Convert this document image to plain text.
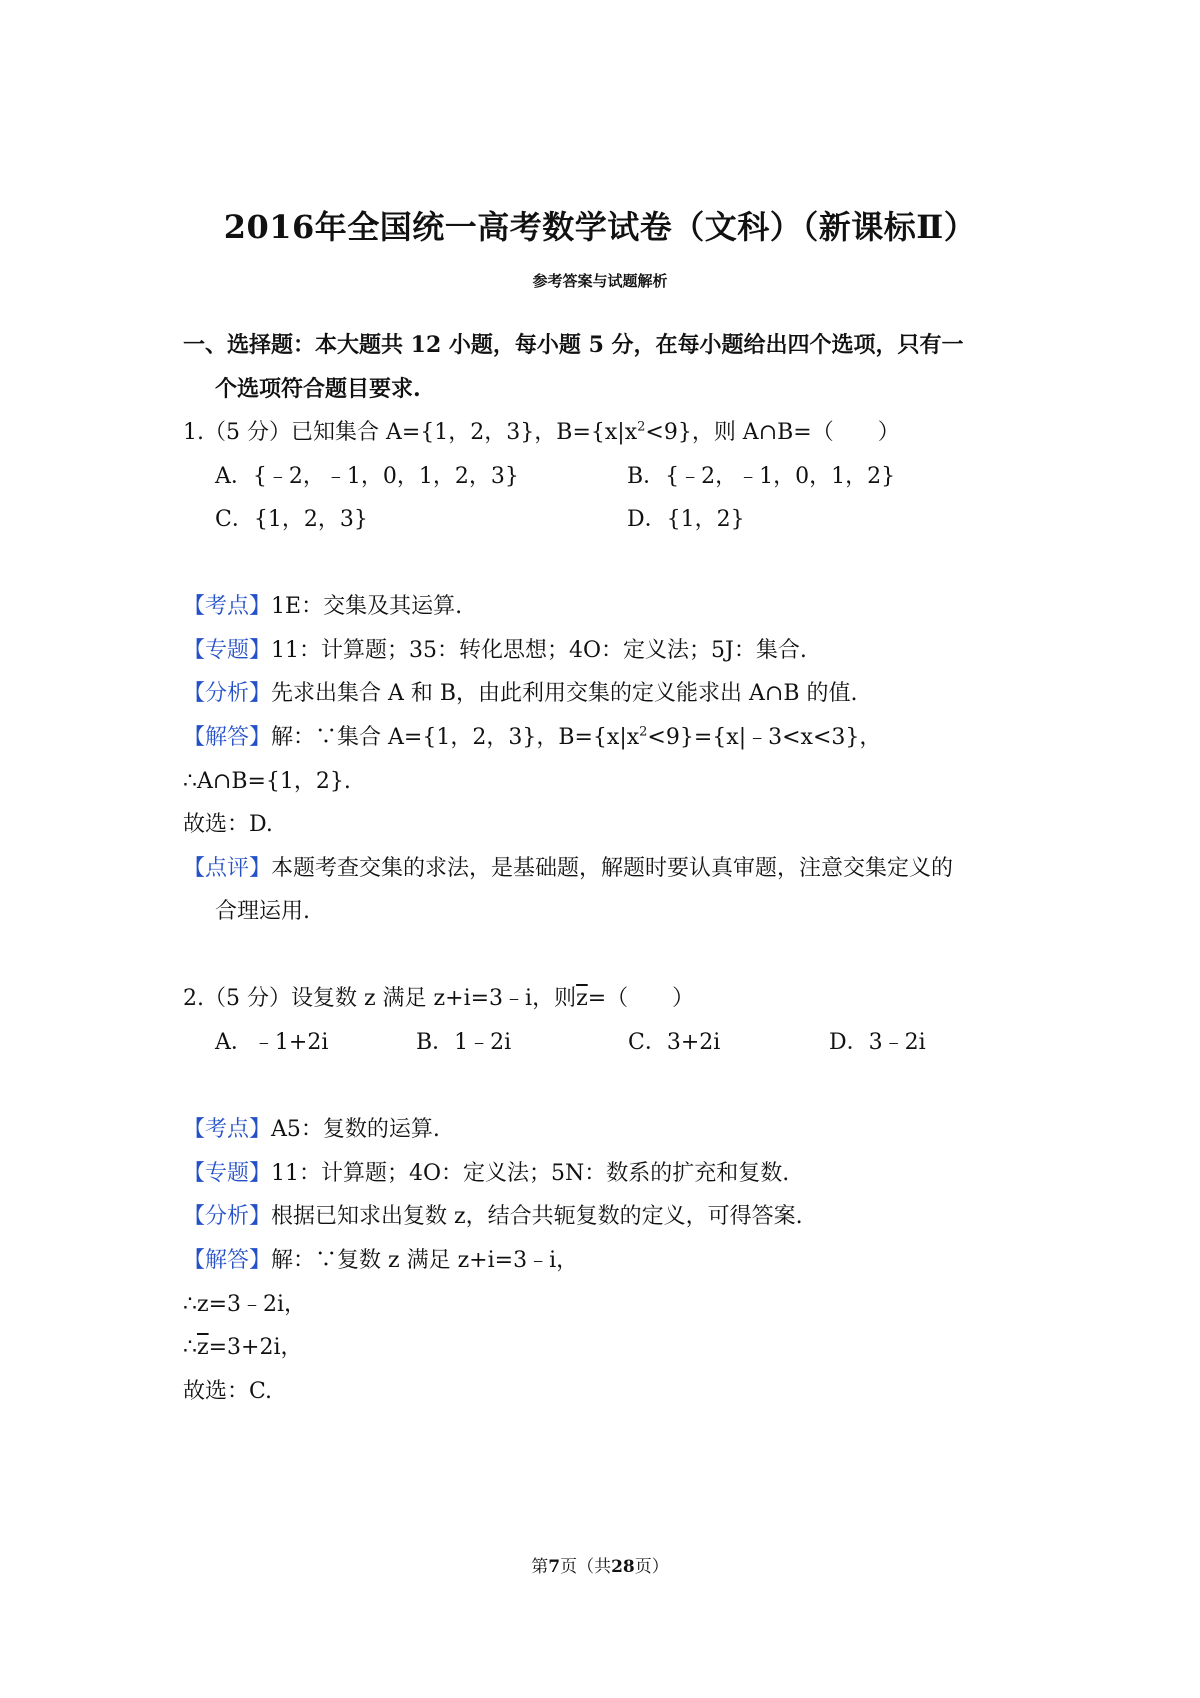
2016年全国统一高考数学试卷（文科）（新课标Ⅱ）
参考答案与试题解析
一、选择题：本大题共 12 小题，每小题 5 分，在每小题给出四个选项，只有一
个选项符合题目要求.
1.（5 分）已知集合 A={1，2，3}，$B=\{x|x^2<9\}$，则 A∩B=（　　）
A．{﹣2，﹣1，0，1，2，3}	B．{﹣2，﹣1，0，1，2}
C．{1，2，3}	D．{1，2}
【考点】1E：交集及其运算.
【专题】11：计算题；35：转化思想；4O：定义法；5J：集合.
【分析】先求出集合 A 和 B，由此利用交集的定义能求出 A∩B 的值.
【解答】解：∵集合 A={1，2，3}，$B=\{x|x^2<9\}=\{x|﹣3<x<3\}$，
∴A∩B={1，2}.
故选：D.
【点评】本题考查交集的求法，是基础题，解题时要认真审题，注意交集定义的
合理运用.
2.（5 分）设复数 z 满足 z+i=3﹣i，则$\overline{z}=$（　　）
A．﹣1+2i	B．1﹣2i	C．3+2i	D．3﹣2i
【考点】A5：复数的运算.
【专题】11：计算题；4O：定义法；5N：数系的扩充和复数.
【分析】根据已知求出复数 z，结合共轭复数的定义，可得答案.
【解答】解：∵复数 z 满足 z+i=3﹣i，
∴z=3﹣2i，
$\therefore\overline{z}=3+2i$，
故选：C.
第7页（共28页）
